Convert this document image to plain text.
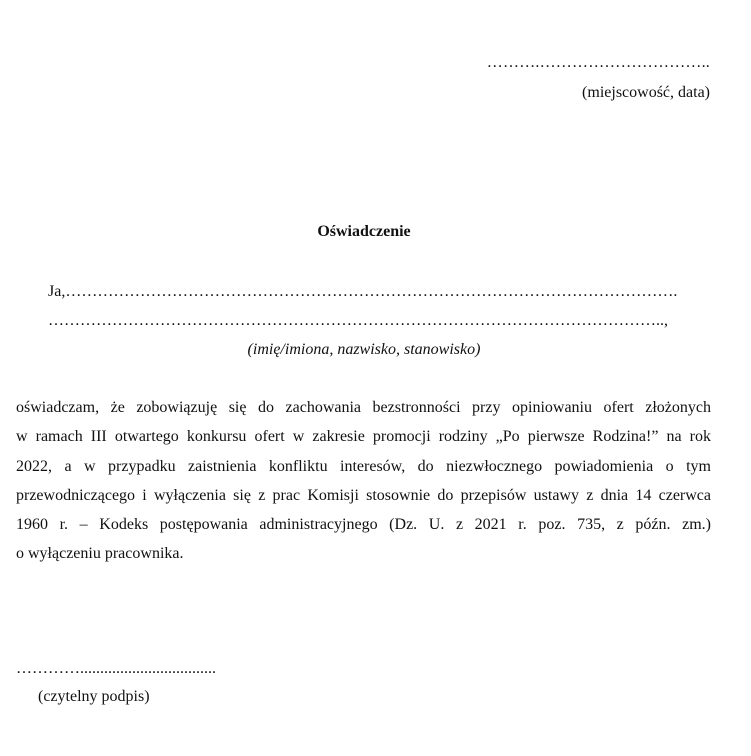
……….…………………………..
(miejscowość, data)
Oświadczenie
Ja,…………………………………………………………………………………………………….
……………………………………………………………………………………………………..,
(imię/imiona, nazwisko, stanowisko)
oświadczam, że zobowiązuję się do zachowania bezstronności przy opiniowaniu ofert złożonych
w ramach III otwartego konkursu ofert w zakresie promocji rodziny „Po pierwsze Rodzina!” na rok
2022, a w przypadku zaistnienia konfliktu interesów, do niezwłocznego powiadomienia o tym
przewodniczącego i wyłączenia się z prac Komisji stosownie do przepisów ustawy z dnia 14 czerwca
1960 r. – Kodeks postępowania administracyjnego (Dz. U. z 2021 r. poz. 735, z późn. zm.)
o wyłączeniu pracownika.
…………..................................
(czytelny podpis)
